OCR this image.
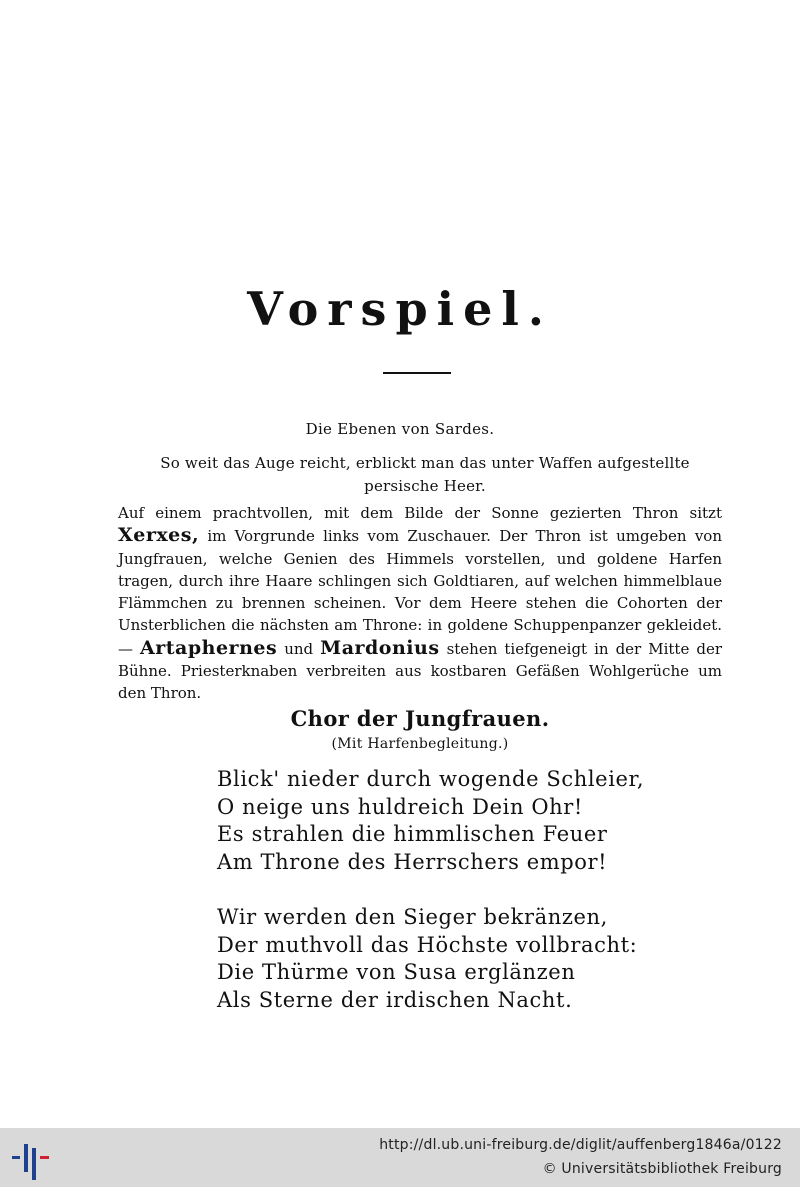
Vorspiel.
Die Ebenen von Sardes.
So weit das Auge reicht, erblickt man das unter Waffen aufgestellte persische Heer.
Auf einem prachtvollen, mit dem Bilde der Sonne gezierten Thron sitzt Xerxes, im Vorgrunde links vom Zuschauer. Der Thron ist umgeben von Jungfrauen, welche Genien des Himmels vorstellen, und goldene Harfen tragen, durch ihre Haare schlingen sich Goldtiaren, auf welchen himmelblaue Flämmchen zu brennen scheinen. Vor dem Heere stehen die Cohorten der Unsterblichen die nächsten am Throne: in goldene Schuppenpanzer gekleidet. — Artaphernes und Mardonius stehen tiefgeneigt in der Mitte der Bühne. Priesterknaben verbreiten aus kostbaren Gefäßen Wohlgerüche um den Thron.
Chor der Jungfrauen.
(Mit Harfenbegleitung.)
Blick' nieder durch wogende Schleier,
O neige uns huldreich Dein Ohr!
Es strahlen die himmlischen Feuer
Am Throne des Herrschers empor!
Wir werden den Sieger bekränzen,
Der muthvoll das Höchste vollbracht:
Die Thürme von Susa erglänzen
Als Sterne der irdischen Nacht.
http://dl.ub.uni-freiburg.de/diglit/auffenberg1846a/0122
© Universitätsbibliothek Freiburg
